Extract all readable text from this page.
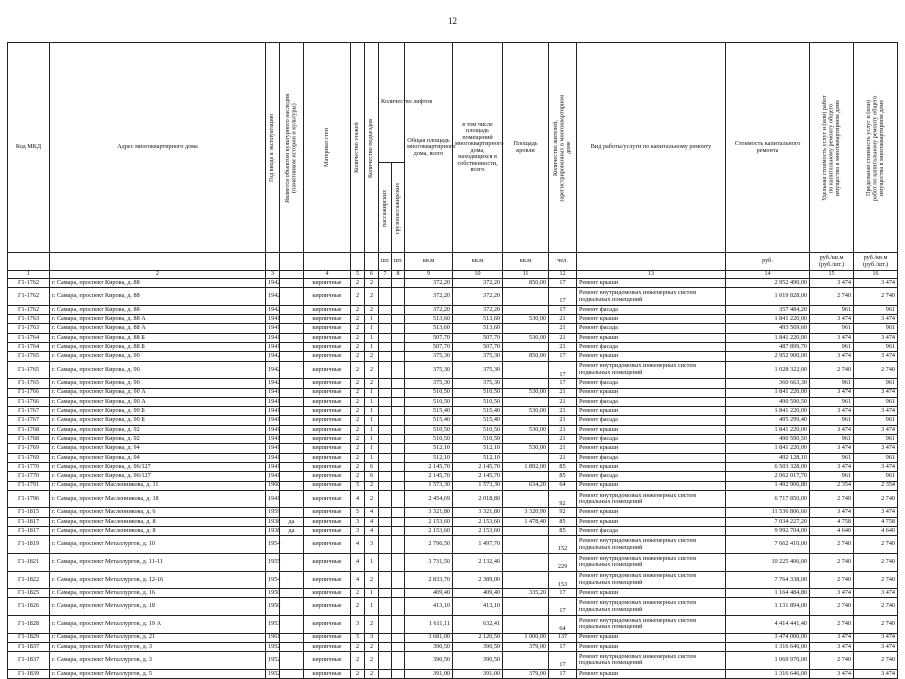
12
Код МКД	Адрес многоквартирного дома	Год ввода в эксплуатацию	Является объектом культурного наследия (памятником истории и культуры)	Материал стен	Количество этажей	Количество подъездов	Количество лифтов		Общая площадь многоквартирного дома, всего	в том числе площадь помещений многоквартирного дома, находящихся в собственности, всего	Площадь кровли	Количество жителей, зарегистрированных в многоквартирном доме	Вид работы/услуги по капитальному ремонту	Стоимость капитального ремонта	Удельная стоимость услуг и (или) работ по капитальному ремонту общего имущества в многоквартирном доме	Предельная стоимость услуг и (или) работ по капитальному ремонту общего имущества в многоквартирном доме

							пассажирских	грузопассажирских								

							шт.	шт.	кв.м	кв.м	кв.м	чел.		руб.	руб./кв.м (руб./шт.)	руб./кв.м (руб./шт.)
1	2	3		4	5	6	7	8	9	10	11	12	13	14	15	16
Г1-1762	г. Самара, проспект Кирова, д. 88	1942		кирпичные	2	2			372,20	372,20	850,00	17	Ремонт крыши	2 952 490,00	3 474	3 474
Г1-1762	г. Самара, проспект Кирова, д. 88	1942		кирпичные	2	2			372,20	372,20		17	Ремонт внутридомовых инженерных систем подвальных помещений	1 019 828,00	2 740	2 740
Г1-1762	г. Самара, проспект Кирова, д. 88	1942		кирпичные	2	2			372,20	372,20		17	Ремонт фасада	357 484,20	961	961
Г1-1763	г. Самара, проспект Кирова, д. 88 А	1941		кирпичные	2	1			513,60	513,60	530,00	21	Ремонт крыши	1 841 220,00	3 474	3 474
Г1-1763	г. Самара, проспект Кирова, д. 88 А	1941		кирпичные	2	1			513,60	513,60		21	Ремонт фасада	493 569,60	961	961
Г1-1764	г. Самара, проспект Кирова, д. 88 Б	1941		кирпичные	2	1			507,70	507,70	530,00	21	Ремонт крыши	1 841 220,00	3 474	3 474
Г1-1764	г. Самара, проспект Кирова, д. 88 Б	1941		кирпичные	2	1			507,70	507,70		21	Ремонт фасада	487 899,70	961	961
Г1-1765	г. Самара, проспект Кирова, д. 90	1942		кирпичные	2	2			375,30	375,30	850,00	17	Ремонт крыши	2 952 900,00	3 474	3 474
Г1-1765	г. Самара, проспект Кирова, д. 90	1942		кирпичные	2	2			375,30	375,30		17	Ремонт внутридомовых инженерных систем подвальных помещений	1 028 322,00	2 740	2 740
Г1-1765	г. Самара, проспект Кирова, д. 90	1942		кирпичные	2	2			375,30	375,30		17	Ремонт фасада	360 663,30	961	961
Г1-1766	г. Самара, проспект Кирова, д. 90 А	1941		кирпичные	2	1			510,50	510,50	530,00	21	Ремонт крыши	1 841 220,00	3 474	3 474
Г1-1766	г. Самара, проспект Кирова, д. 90 А	1941		кирпичные	2	1			510,50	510,50		21	Ремонт фасада	490 590,50	961	961
Г1-1767	г. Самара, проспект Кирова, д. 90 Б	1941		кирпичные	2	1			515,40	515,40	530,00	21	Ремонт крыши	1 841 220,00	3 474	3 474
Г1-1767	г. Самара, проспект Кирова, д. 90 Б	1941		кирпичные	2	1			515,40	515,40		21	Ремонт фасада	495 299,40	961	961
Г1-1768	г. Самара, проспект Кирова, д. 92	1941		кирпичные	2	1			510,50	510,50	530,00	21	Ремонт крыши	1 841 220,00	3 474	3 474
Г1-1768	г. Самара, проспект Кирова, д. 92	1941		кирпичные	2	1			510,50	510,50		21	Ремонт фасада	490 590,50	961	961
Г1-1769	г. Самара, проспект Кирова, д. 94	1941		кирпичные	2	1			512,10	512,10	530,00	21	Ремонт крыши	1 841 220,00	3 474	3 474
Г1-1769	г. Самара, проспект Кирова, д. 94	1941		кирпичные	2	1			512,10	512,10		21	Ремонт фасада	492 128,10	961	961
Г1-1770	г. Самара, проспект Кирова, д. 96/127	1941		кирпичные	2	6			2 145,70	2 145,70	1 892,00	85	Ремонт крыши	6 503 328,00	3 474	3 474
Г1-1770	г. Самара, проспект Кирова, д. 96/127	1941		кирпичные	2	6			2 145,70	2 145,70		85	Ремонт фасада	2 062 017,70	961	961
Г1-1791	г. Самара, проспект Масленникова, д. 11	1960		кирпичные	5	2			1 573,30	1 573,30	634,20	64	Ремонт крыши	1 492 906,80	2 354	2 354
Г1-1796	г. Самара, проспект Масленникова, д. 18	1941		кирпичные	4	2			2 454,69	2 018,80		92	Ремонт внутридомовых инженерных систем подвальных помещений	6 717 850,00	2 740	2 740
Г1-1815	г. Самара, проспект Масленникова, д. 6	1959		кирпичные	5	4			3 321,80	3 321,80	3 320,90	92	Ремонт крыши	11 536 806,60	3 474	3 474
Г1-1817	г. Самара, проспект Масленникова, д. 8	1938	да	кирпичные	3	4			2 153,60	2 153,60	1 478,40	85	Ремонт крыши	7 034 227,20	4 758	4 758
Г1-1817	г. Самара, проспект Масленникова, д. 8	1938	да	кирпичные	3	4			2 153,60	2 153,60		85	Ремонт фасада	9 992 704,00	4 640	4 640
Г1-1819	г. Самара, проспект Металлургов, д. 10	1954		кирпичные	4	3			2 796,50	1 497,70		152	Ремонт внутридомовых инженерных систем подвальных помещений	7 662 410,00	2 740	2 740
Г1-1821	г. Самара, проспект Металлургов, д. 11-11	1955		кирпичные	4	1			3 731,50	2 132,40		229	Ремонт внутридомовых инженерных систем подвальных помещений	10 225 406,00	2 740	2 740
Г1-1822	г. Самара, проспект Металлургов, д. 12-16	1954		кирпичные	4	2			2 833,70	2 389,00		153	Ремонт внутридомовых инженерных систем подвальных помещений	7 764 338,00	2 740	2 740
Г1-1825	г. Самара, проспект Металлургов, д. 16	1950		кирпичные	2	1			409,40	409,40	335,20	17	Ремонт крыши	1 164 484,80	3 474	3 474
Г1-1826	г. Самара, проспект Металлургов, д. 18	1950		кирпичные	2	1			413,10	413,10		17	Ремонт внутридомовых инженерных систем подвальных помещений	1 131 894,00	2 740	2 740
Г1-1828	г. Самара, проспект Металлургов, д. 19 А	1953		кирпичные	3	2			1 611,11	632,41		64	Ремонт внутридомовых инженерных систем подвальных помещений	4 414 441,40	2 740	2 740
Г1-1829	г. Самара, проспект Металлургов, д. 21	1961		кирпичные	5	3			3 681,00	2 120,50	1 000,00	137	Ремонт крыши	3 474 000,00	3 474	3 474
Г1-1837	г. Самара, проспект Металлургов, д. 3	1952		кирпичные	2	2			390,50	390,50	379,00	17	Ремонт крыши	1 316 646,00	3 474	3 474
Г1-1837	г. Самара, проспект Металлургов, д. 3	1952		кирпичные	2	2			390,50	390,50		17	Ремонт внутридомовых инженерных систем подвальных помещений	1 069 970,00	2 740	2 740
Г1-1839	г. Самара, проспект Металлургов, д. 5	1952		кирпичные	2	2			391,00	391,00	379,00	17	Ремонт крыши	1 316 646,00	3 474	3 474
